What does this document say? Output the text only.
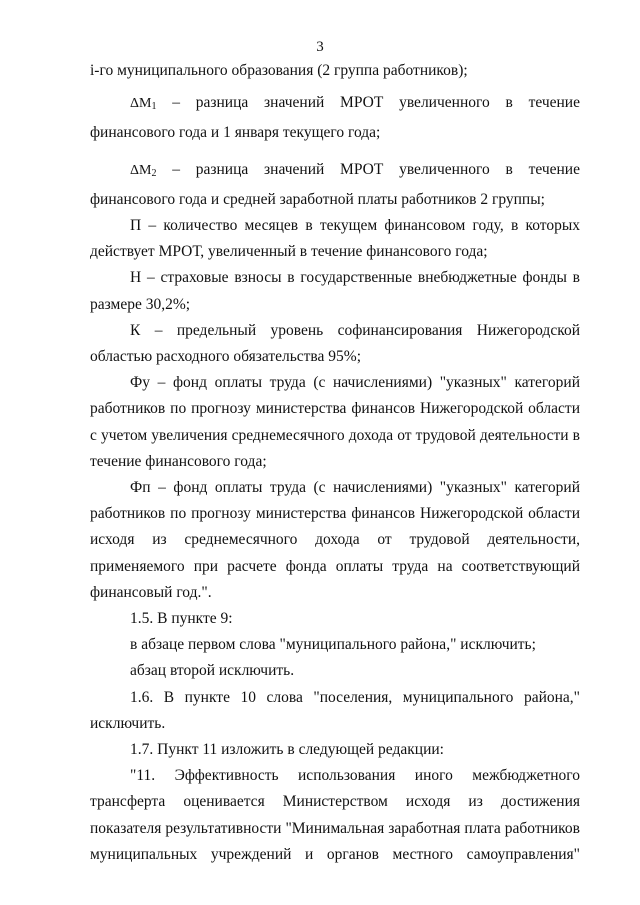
3

i-го муниципального образования (2 группа работников);

$\Delta M_1$ – разница значений МРОТ увеличенного в течение финансового года и 1 января текущего года;

$\Delta M_2$ – разница значений МРОТ увеличенного в течение финансового года и средней заработной платы работников 2 группы;

П – количество месяцев в текущем финансовом году, в которых действует МРОТ, увеличенный в течение финансового года;

Н – страховые взносы в государственные внебюджетные фонды в размере 30,2%;

К – предельный уровень софинансирования Нижегородской областью расходного обязательства 95%;

Фу – фонд оплаты труда (с начислениями) "указных" категорий работников по прогнозу министерства финансов Нижегородской области с учетом увеличения среднемесячного дохода от трудовой деятельности в течение финансового года;

Фп – фонд оплаты труда (с начислениями) "указных" категорий работников по прогнозу министерства финансов Нижегородской области исходя из среднемесячного дохода от трудовой деятельности, применяемого при расчете фонда оплаты труда на соответствующий финансовый год.".

1.5. В пункте 9:

в абзаце первом слова "муниципального района," исключить;

абзац второй исключить.

1.6. В пункте 10 слова "поселения, муниципального района," исключить.

1.7. Пункт 11 изложить в следующей редакции:

"11. Эффективность использования иного межбюджетного трансферта оценивается Министерством исходя из достижения показателя результативности "Минимальная заработная плата работников муниципальных учреждений и органов местного самоуправления"
